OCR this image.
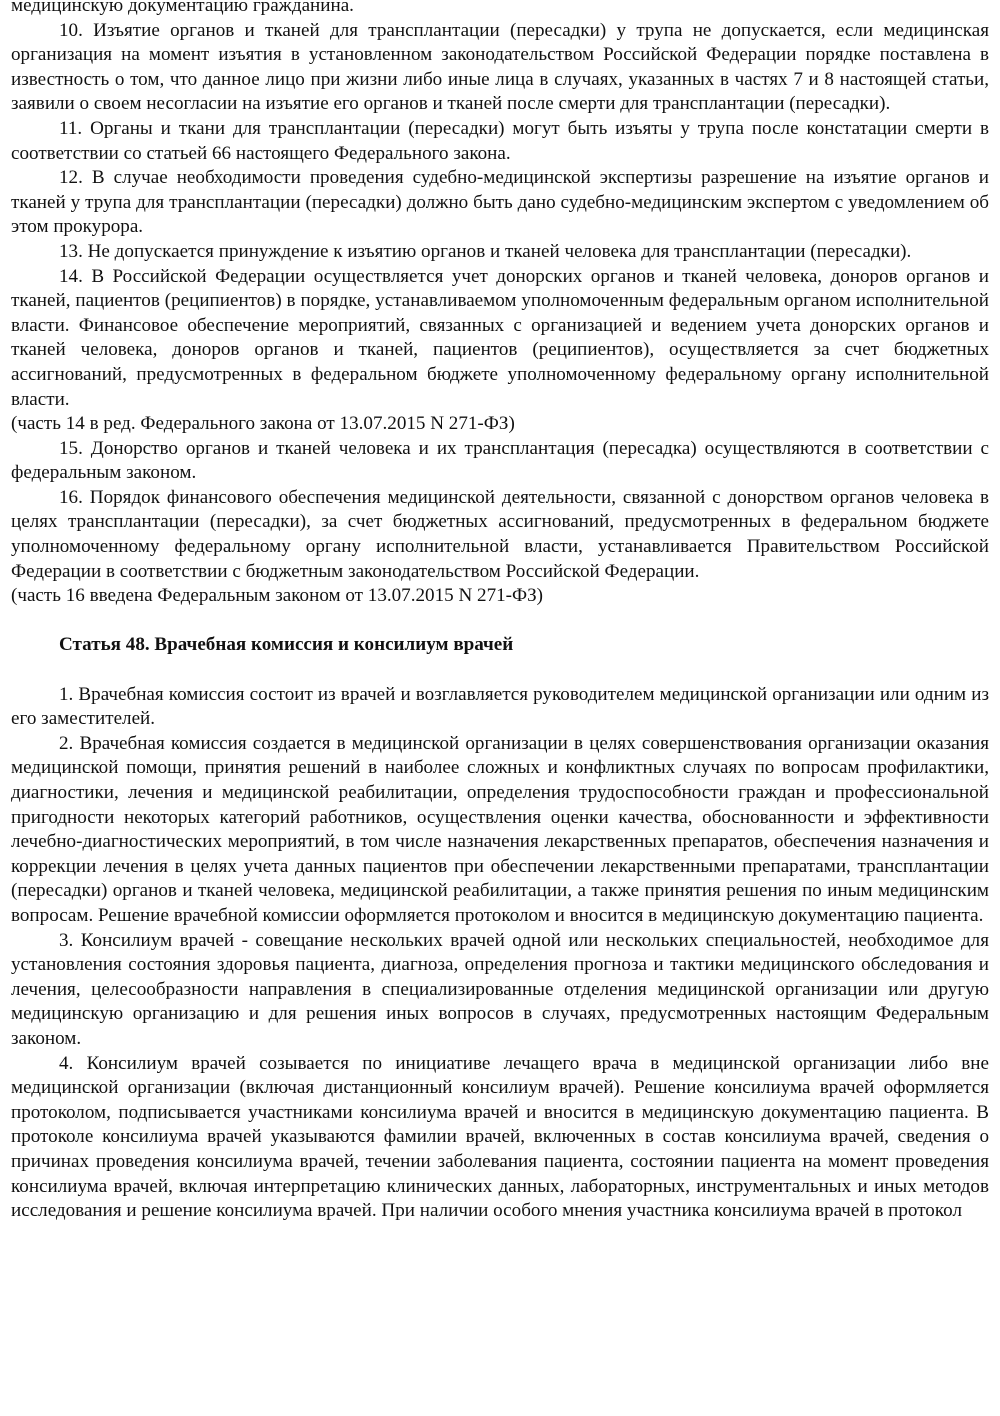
медицинскую документацию гражданина.

10. Изъятие органов и тканей для трансплантации (пересадки) у трупа не допускается, если медицинская организация на момент изъятия в установленном законодательством Российской Федерации порядке поставлена в известность о том, что данное лицо при жизни либо иные лица в случаях, указанных в частях 7 и 8 настоящей статьи, заявили о своем несогласии на изъятие его органов и тканей после смерти для трансплантации (пересадки).

11. Органы и ткани для трансплантации (пересадки) могут быть изъяты у трупа после констатации смерти в соответствии со статьей 66 настоящего Федерального закона.

12. В случае необходимости проведения судебно-медицинской экспертизы разрешение на изъятие органов и тканей у трупа для трансплантации (пересадки) должно быть дано судебно-медицинским экспертом с уведомлением об этом прокурора.

13. Не допускается принуждение к изъятию органов и тканей человека для трансплантации (пересадки).

14. В Российской Федерации осуществляется учет донорских органов и тканей человека, доноров органов и тканей, пациентов (реципиентов) в порядке, устанавливаемом уполномоченным федеральным органом исполнительной власти. Финансовое обеспечение мероприятий, связанных с организацией и ведением учета донорских органов и тканей человека, доноров органов и тканей, пациентов (реципиентов), осуществляется за счет бюджетных ассигнований, предусмотренных в федеральном бюджете уполномоченному федеральному органу исполнительной власти.

(часть 14 в ред. Федерального закона от 13.07.2015 N 271-ФЗ)

15. Донорство органов и тканей человека и их трансплантация (пересадка) осуществляются в соответствии с федеральным законом.

16. Порядок финансового обеспечения медицинской деятельности, связанной с донорством органов человека в целях трансплантации (пересадки), за счет бюджетных ассигнований, предусмотренных в федеральном бюджете уполномоченному федеральному органу исполнительной власти, устанавливается Правительством Российской Федерации в соответствии с бюджетным законодательством Российской Федерации.

(часть 16 введена Федеральным законом от 13.07.2015 N 271-ФЗ)

Статья 48. Врачебная комиссия и консилиум врачей

1. Врачебная комиссия состоит из врачей и возглавляется руководителем медицинской организации или одним из его заместителей.

2. Врачебная комиссия создается в медицинской организации в целях совершенствования организации оказания медицинской помощи, принятия решений в наиболее сложных и конфликтных случаях по вопросам профилактики, диагностики, лечения и медицинской реабилитации, определения трудоспособности граждан и профессиональной пригодности некоторых категорий работников, осуществления оценки качества, обоснованности и эффективности лечебно-диагностических мероприятий, в том числе назначения лекарственных препаратов, обеспечения назначения и коррекции лечения в целях учета данных пациентов при обеспечении лекарственными препаратами, трансплантации (пересадки) органов и тканей человека, медицинской реабилитации, а также принятия решения по иным медицинским вопросам. Решение врачебной комиссии оформляется протоколом и вносится в медицинскую документацию пациента.

3. Консилиум врачей - совещание нескольких врачей одной или нескольких специальностей, необходимое для установления состояния здоровья пациента, диагноза, определения прогноза и тактики медицинского обследования и лечения, целесообразности направления в специализированные отделения медицинской организации или другую медицинскую организацию и для решения иных вопросов в случаях, предусмотренных настоящим Федеральным законом.

4. Консилиум врачей созывается по инициативе лечащего врача в медицинской организации либо вне медицинской организации (включая дистанционный консилиум врачей). Решение консилиума врачей оформляется протоколом, подписывается участниками консилиума врачей и вносится в медицинскую документацию пациента. В протоколе консилиума врачей указываются фамилии врачей, включенных в состав консилиума врачей, сведения о причинах проведения консилиума врачей, течении заболевания пациента, состоянии пациента на момент проведения консилиума врачей, включая интерпретацию клинических данных, лабораторных, инструментальных и иных методов исследования и решение консилиума врачей. При наличии особого мнения участника консилиума врачей в протокол
